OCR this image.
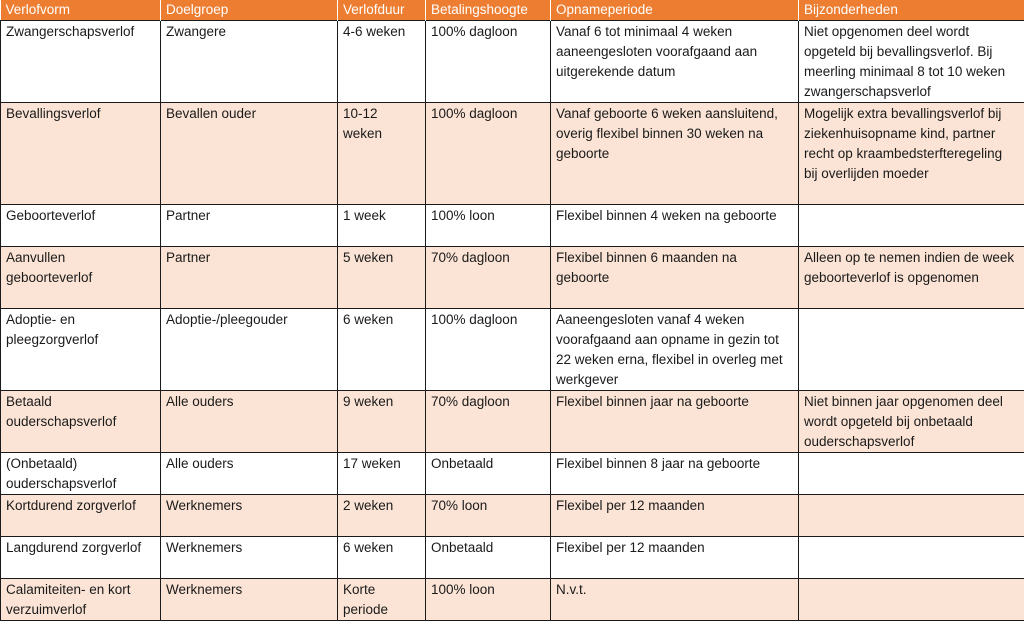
Verlofvorm	Doelgroep	Verlofduur	Betalingshoogte	Opnameperiode	Bijzonderheden
Zwangerschapsverlof	Zwangere	4-6 weken	100% dagloon	Vanaf 6 tot minimaal 4 weken aaneengesloten voorafgaand aan uitgerekende datum	Niet opgenomen deel wordt opgeteld bij bevallingsverlof. Bij meerling minimaal 8 tot 10 weken zwangerschapsverlof
Bevallingsverlof	Bevallen ouder	10-12 weken	100% dagloon	Vanaf geboorte 6 weken aansluitend, overig flexibel binnen 30 weken na geboorte	Mogelijk extra bevallingsverlof bij ziekenhuisopname kind, partner recht op kraambedsterfteregeling bij overlijden moeder
Geboorteverlof	Partner	1 week	100% loon	Flexibel binnen 4 weken na geboorte	
Aanvullen geboorteverlof	Partner	5 weken	70% dagloon	Flexibel binnen 6 maanden na geboorte	Alleen op te nemen indien de week geboorteverlof is opgenomen
Adoptie- en pleegzorgverlof	Adoptie-/pleegouder	6 weken	100% dagloon	Aaneengesloten vanaf 4 weken voorafgaand aan opname in gezin tot 22 weken erna, flexibel in overleg met werkgever	
Betaald ouderschapsverlof	Alle ouders	9 weken	70% dagloon	Flexibel binnen jaar na geboorte	Niet binnen jaar opgenomen deel wordt opgeteld bij onbetaald ouderschapsverlof
(Onbetaald) ouderschapsverlof	Alle ouders	17 weken	Onbetaald	Flexibel binnen 8 jaar na geboorte	
Kortdurend zorgverlof	Werknemers	2 weken	70% loon	Flexibel per 12 maanden	
Langdurend zorgverlof	Werknemers	6 weken	Onbetaald	Flexibel per 12 maanden	
Calamiteiten- en kort verzuimverlof	Werknemers	Korte periode	100% loon	N.v.t.	
